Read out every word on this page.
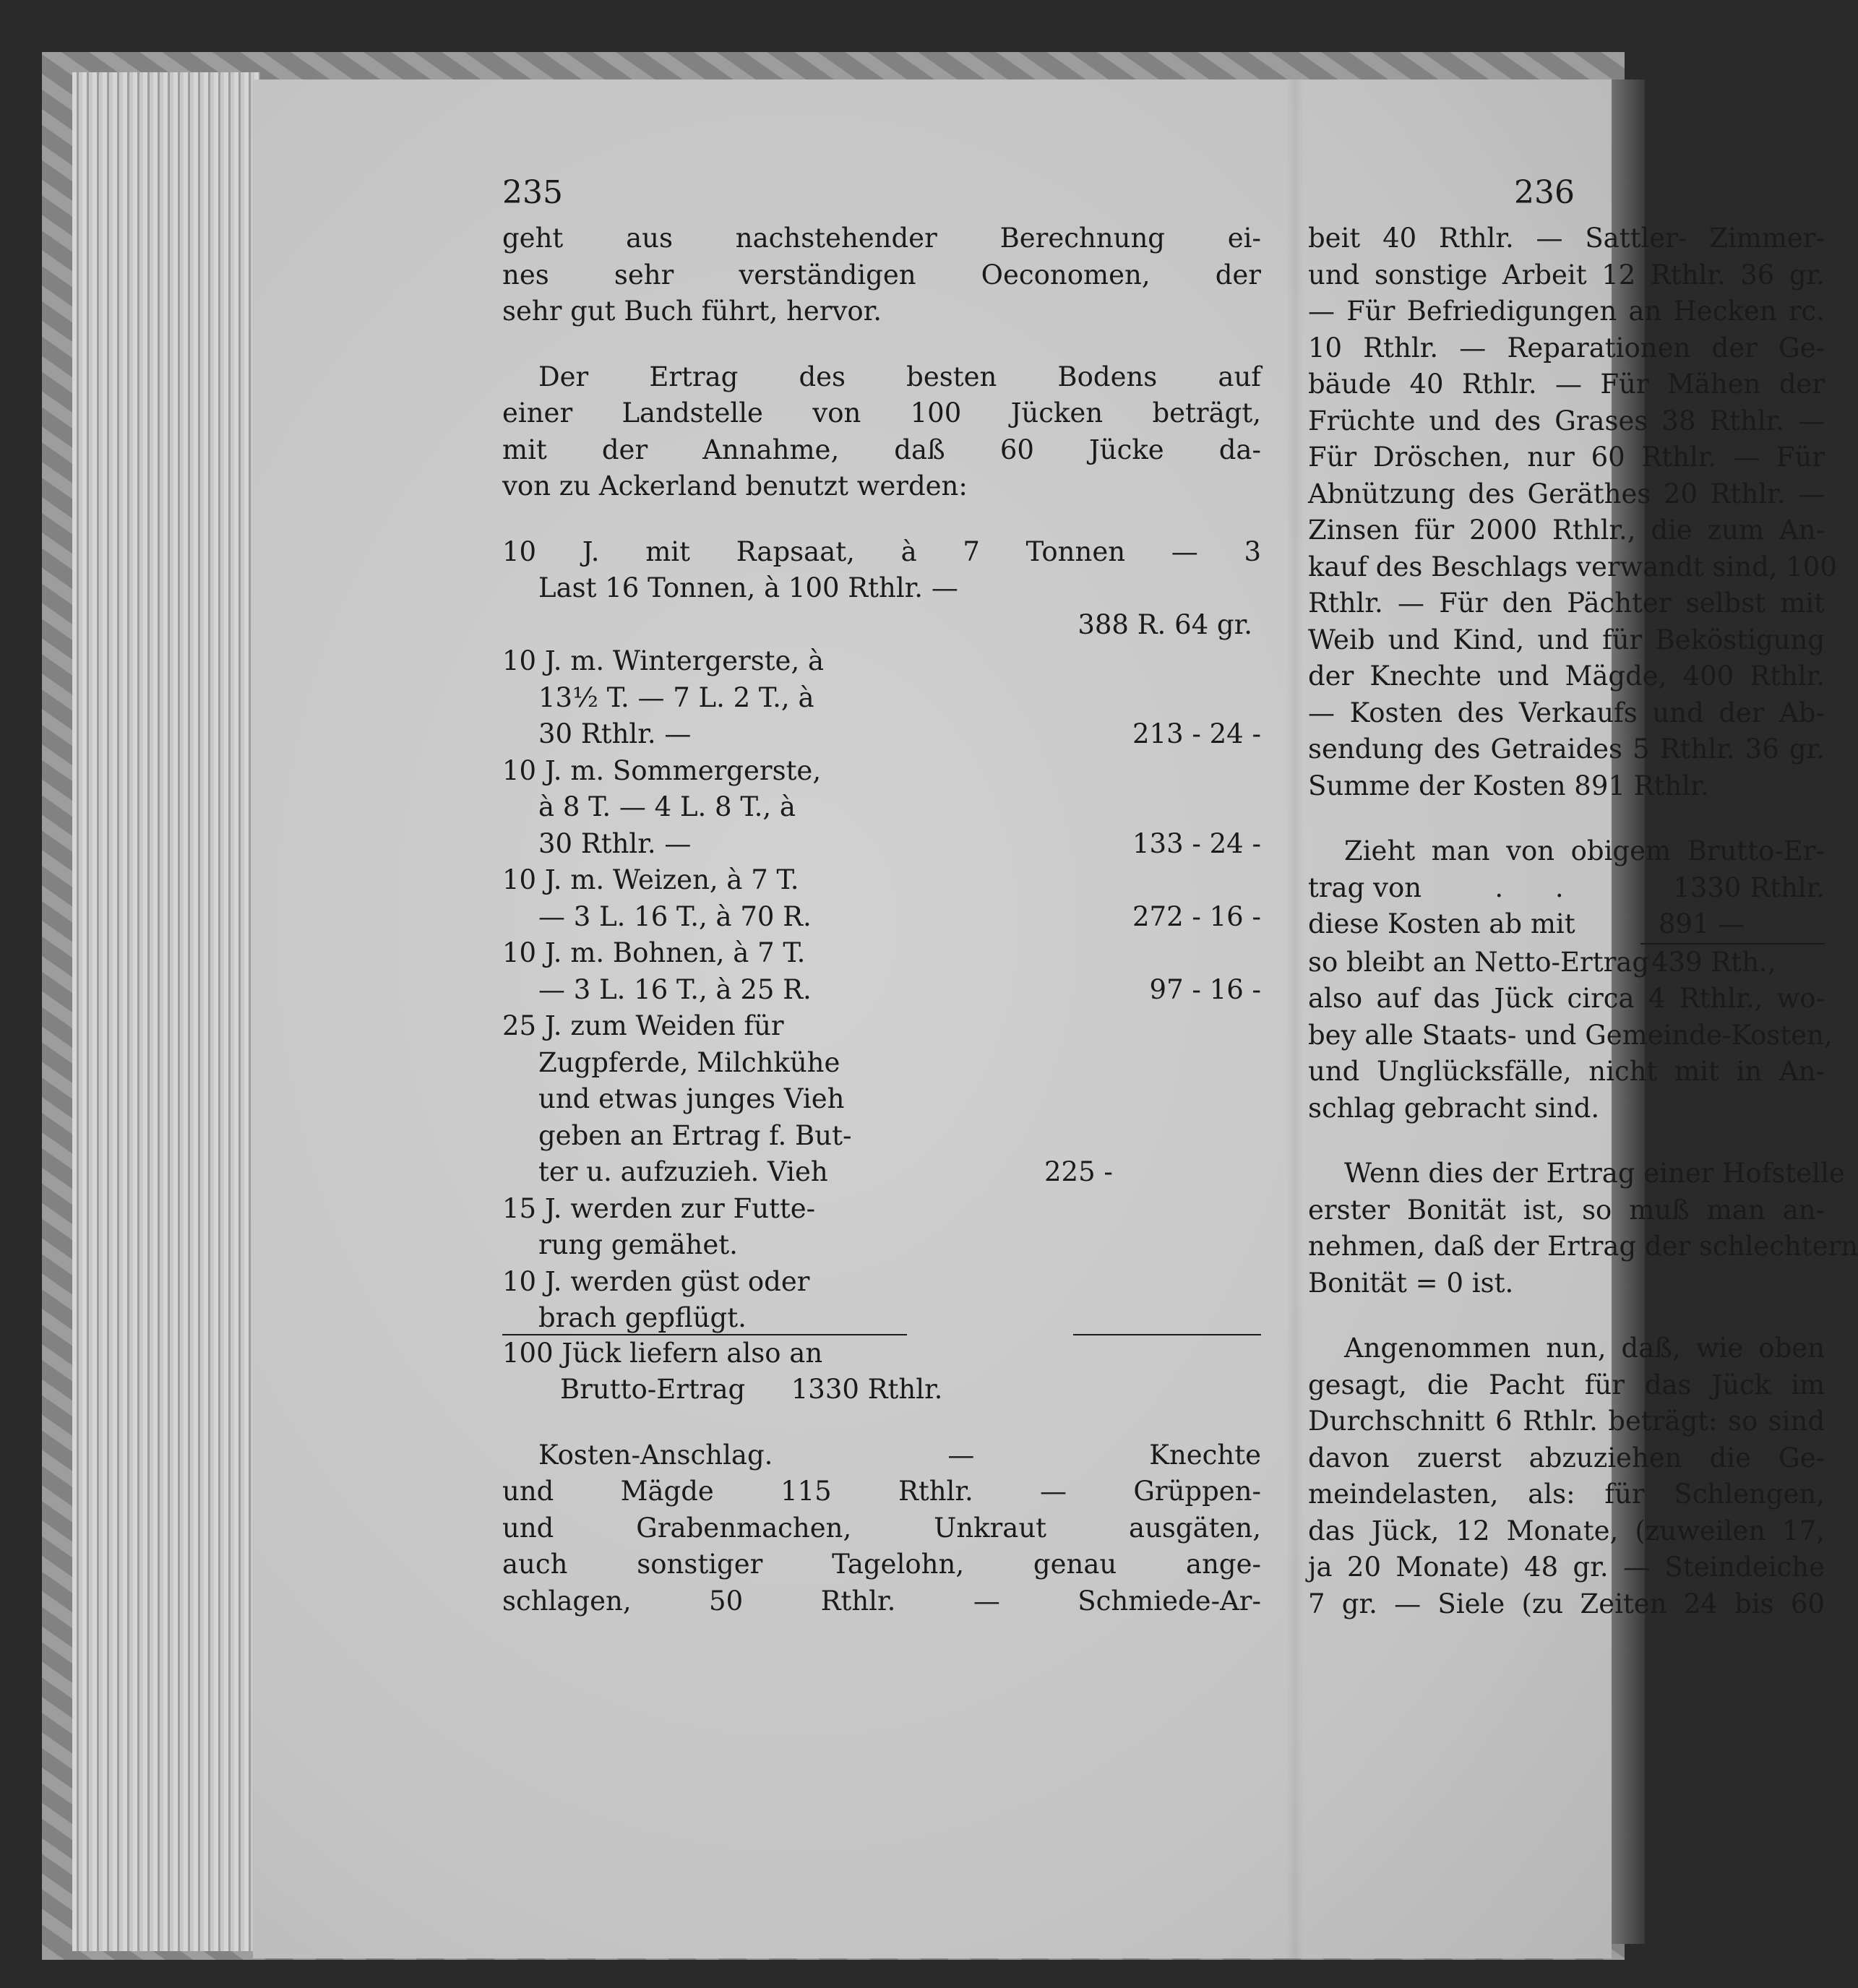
235	236
geht aus nachstehender Berechnung ei-
nes sehr verständigen Oeconomen, der
sehr gut Buch führt, hervor.
Der Ertrag des besten Bodens auf
einer Landstelle von 100 Jücken beträgt,
mit der Annahme, daß 60 Jücke da-
von zu Ackerland benutzt werden:
10 J. mit Rapsaat, à 7 Tonnen — 3
Last 16 Tonnen, à 100 Rthlr. —
388 R. 64 gr.
10 J. m. Wintergerste, à
13½ T. — 7 L. 2 T., à
30 Rthlr. —	213 - 24 -
10 J. m. Sommergerste,
à 8 T. — 4 L. 8 T., à
30 Rthlr. —	133 - 24 -
10 J. m. Weizen, à 7 T.
— 3 L. 16 T., à 70 R.	272 - 16 -
10 J. m. Bohnen, à 7 T.
— 3 L. 16 T., à 25 R.	97 - 16 -
25 J. zum Weiden für
Zugpferde, Milchkühe
und etwas junges Vieh
geben an Ertrag f. But-
ter u. aufzuzieh. Vieh	225 -
15 J. werden zur Futte-
rung gemähet.
10 J. werden güst oder
brach gepflügt.
100 Jück liefern also an
Brutto-Ertrag 1330 Rthlr.
Kosten-Anschlag. — Knechte
und Mägde 115 Rthlr. — Grüppen-
und Grabenmachen, Unkraut ausgäten,
auch sonstiger Tagelohn, genau ange-
schlagen, 50 Rthlr. — Schmiede-Ar-
beit 40 Rthlr. — Sattler- Zimmer-
und sonstige Arbeit 12 Rthlr. 36 gr.
— Für Befriedigungen an Hecken rc.
10 Rthlr. — Reparationen der Ge-
bäude 40 Rthlr. — Für Mähen der
Früchte und des Grases 38 Rthlr. —
Für Dröschen, nur 60 Rthlr. — Für
Abnützung des Geräthes 20 Rthlr. —
Zinsen für 2000 Rthlr., die zum An-
kauf des Beschlags verwandt sind, 100
Rthlr. — Für den Pächter selbst mit
Weib und Kind, und für Beköstigung
der Knechte und Mägde, 400 Rthlr.
— Kosten des Verkaufs und der Ab-
sendung des Getraides 5 Rthlr. 36 gr.
Summe der Kosten 891 Rthlr.
Zieht man von obigem Brutto-Er-
trag von	. .	1330 Rthlr.
diese Kosten ab mit	891 —
so bleibt an Netto-Ertrag 439 Rth.,
also auf das Jück circa 4 Rthlr., wo-
bey alle Staats- und Gemeinde-Kosten,
und Unglücksfälle, nicht mit in An-
schlag gebracht sind.
Wenn dies der Ertrag einer Hofstelle
erster Bonität ist, so muß man an-
nehmen, daß der Ertrag der schlechtern
Bonität = 0 ist.
Angenommen nun, daß, wie oben
gesagt, die Pacht für das Jück im
Durchschnitt 6 Rthlr. beträgt: so sind
davon zuerst abzuziehen die Ge-
meindelasten, als: für Schlengen,
das Jück, 12 Monate, (zuweilen 17,
ja 20 Monate) 48 gr. — Steindeiche
7 gr. — Siele (zu Zeiten 24 bis 60
